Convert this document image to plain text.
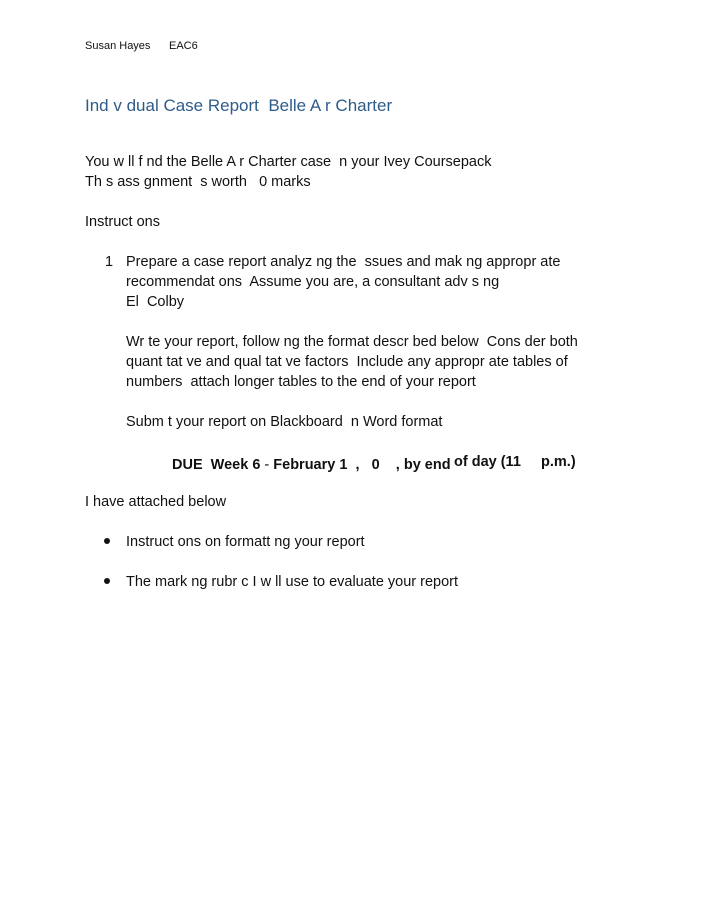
Susan Hayes EAC6
Ind v dual Case Report  Belle A r Charter
You w ll f nd the Belle A r Charter case  n your Ivey Coursepack
Th s ass gnment  s worth   0 marks
Instruct ons
1 Prepare a case report analyz ng the  ssues and mak ng appropr ate
recommendat ons  Assume you are, a consultant adv s ng
El  Colby
Wr te your report, follow ng the format descr bed below  Cons der both
quant tat ve and qual tat ve factors  Include any appropr ate tables of
numbers  attach longer tables to the end of your report
Subm t your report on Blackboard  n Word format
DUE  Week 6 - February 1  ,   0    , by end of day (11     p.m.)
I have attached below
Instruct ons on formatt ng your report
The mark ng rubr c I w ll use to evaluate your report
